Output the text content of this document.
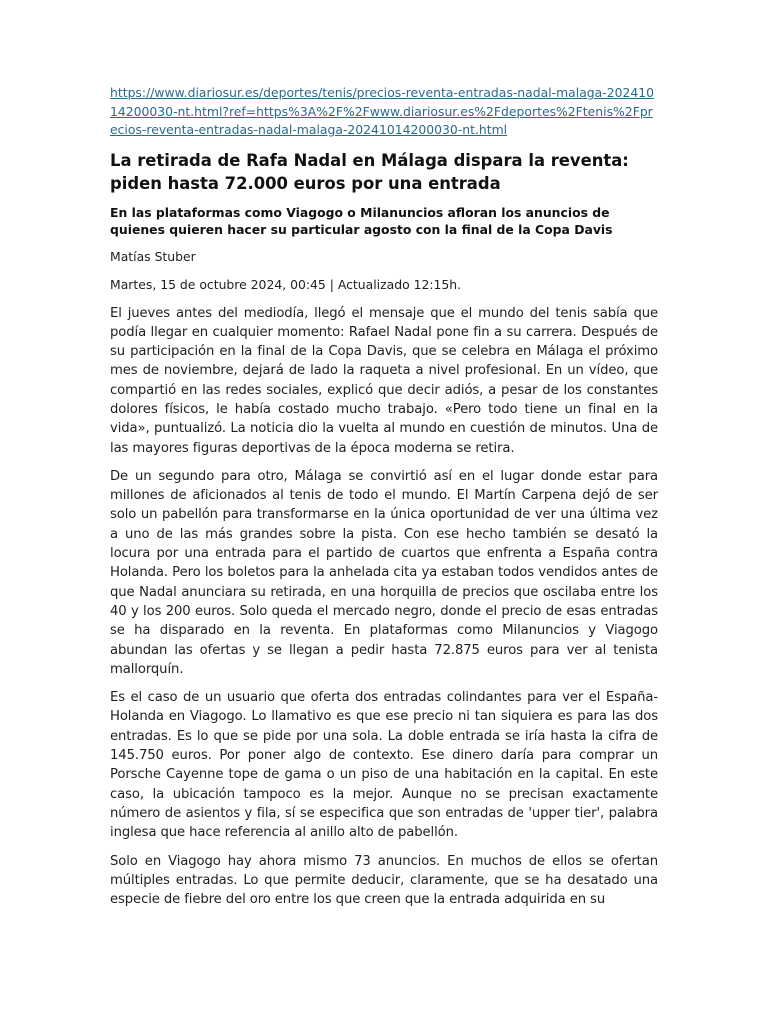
https://www.diariosur.es/deportes/tenis/precios-reventa-entradas-nadal-malaga-20241014200030-nt.html?ref=https%3A%2F%2Fwww.diariosur.es%2Fdeportes%2Ftenis%2Fprecios-reventa-entradas-nadal-malaga-20241014200030-nt.html
La retirada de Rafa Nadal en Málaga dispara la reventa: piden hasta 72.000 euros por una entrada
En las plataformas como Viagogo o Milanuncios afloran los anuncios de quienes quieren hacer su particular agosto con la final de la Copa Davis

Matías Stuber

Martes, 15 de octubre 2024, 00:45 | Actualizado 12:15h.

El jueves antes del mediodía, llegó el mensaje que el mundo del tenis sabía que podía llegar en cualquier momento: Rafael Nadal pone fin a su carrera. Después de su participación en la final de la Copa Davis, que se celebra en Málaga el próximo mes de noviembre, dejará de lado la raqueta a nivel profesional. En un vídeo, que compartió en las redes sociales, explicó que decir adiós, a pesar de los constantes dolores físicos, le había costado mucho trabajo. «Pero todo tiene un final en la vida», puntualizó. La noticia dio la vuelta al mundo en cuestión de minutos. Una de las mayores figuras deportivas de la época moderna se retira.

De un segundo para otro, Málaga se convirtió así en el lugar donde estar para millones de aficionados al tenis de todo el mundo. El Martín Carpena dejó de ser solo un pabellón para transformarse en la única oportunidad de ver una última vez a uno de las más grandes sobre la pista. Con ese hecho también se desató la locura por una entrada para el partido de cuartos que enfrenta a España contra Holanda. Pero los boletos para la anhelada cita ya estaban todos vendidos antes de que Nadal anunciara su retirada, en una horquilla de precios que oscilaba entre los 40 y los 200 euros. Solo queda el mercado negro, donde el precio de esas entradas se ha disparado en la reventa. En plataformas como Milanuncios y Viagogo abundan las ofertas y se llegan a pedir hasta 72.875 euros para ver al tenista mallorquín.

Es el caso de un usuario que oferta dos entradas colindantes para ver el España-Holanda en Viagogo. Lo llamativo es que ese precio ni tan siquiera es para las dos entradas. Es lo que se pide por una sola. La doble entrada se iría hasta la cifra de 145.750 euros. Por poner algo de contexto. Ese dinero daría para comprar un Porsche Cayenne tope de gama o un piso de una habitación en la capital. En este caso, la ubicación tampoco es la mejor. Aunque no se precisan exactamente número de asientos y fila, sí se especifica que son entradas de 'upper tier', palabra inglesa que hace referencia al anillo alto de pabellón.

Solo en Viagogo hay ahora mismo 73 anuncios. En muchos de ellos se ofertan múltiples entradas. Lo que permite deducir, claramente, que se ha desatado una especie de fiebre del oro entre los que creen que la entrada adquirida en su
